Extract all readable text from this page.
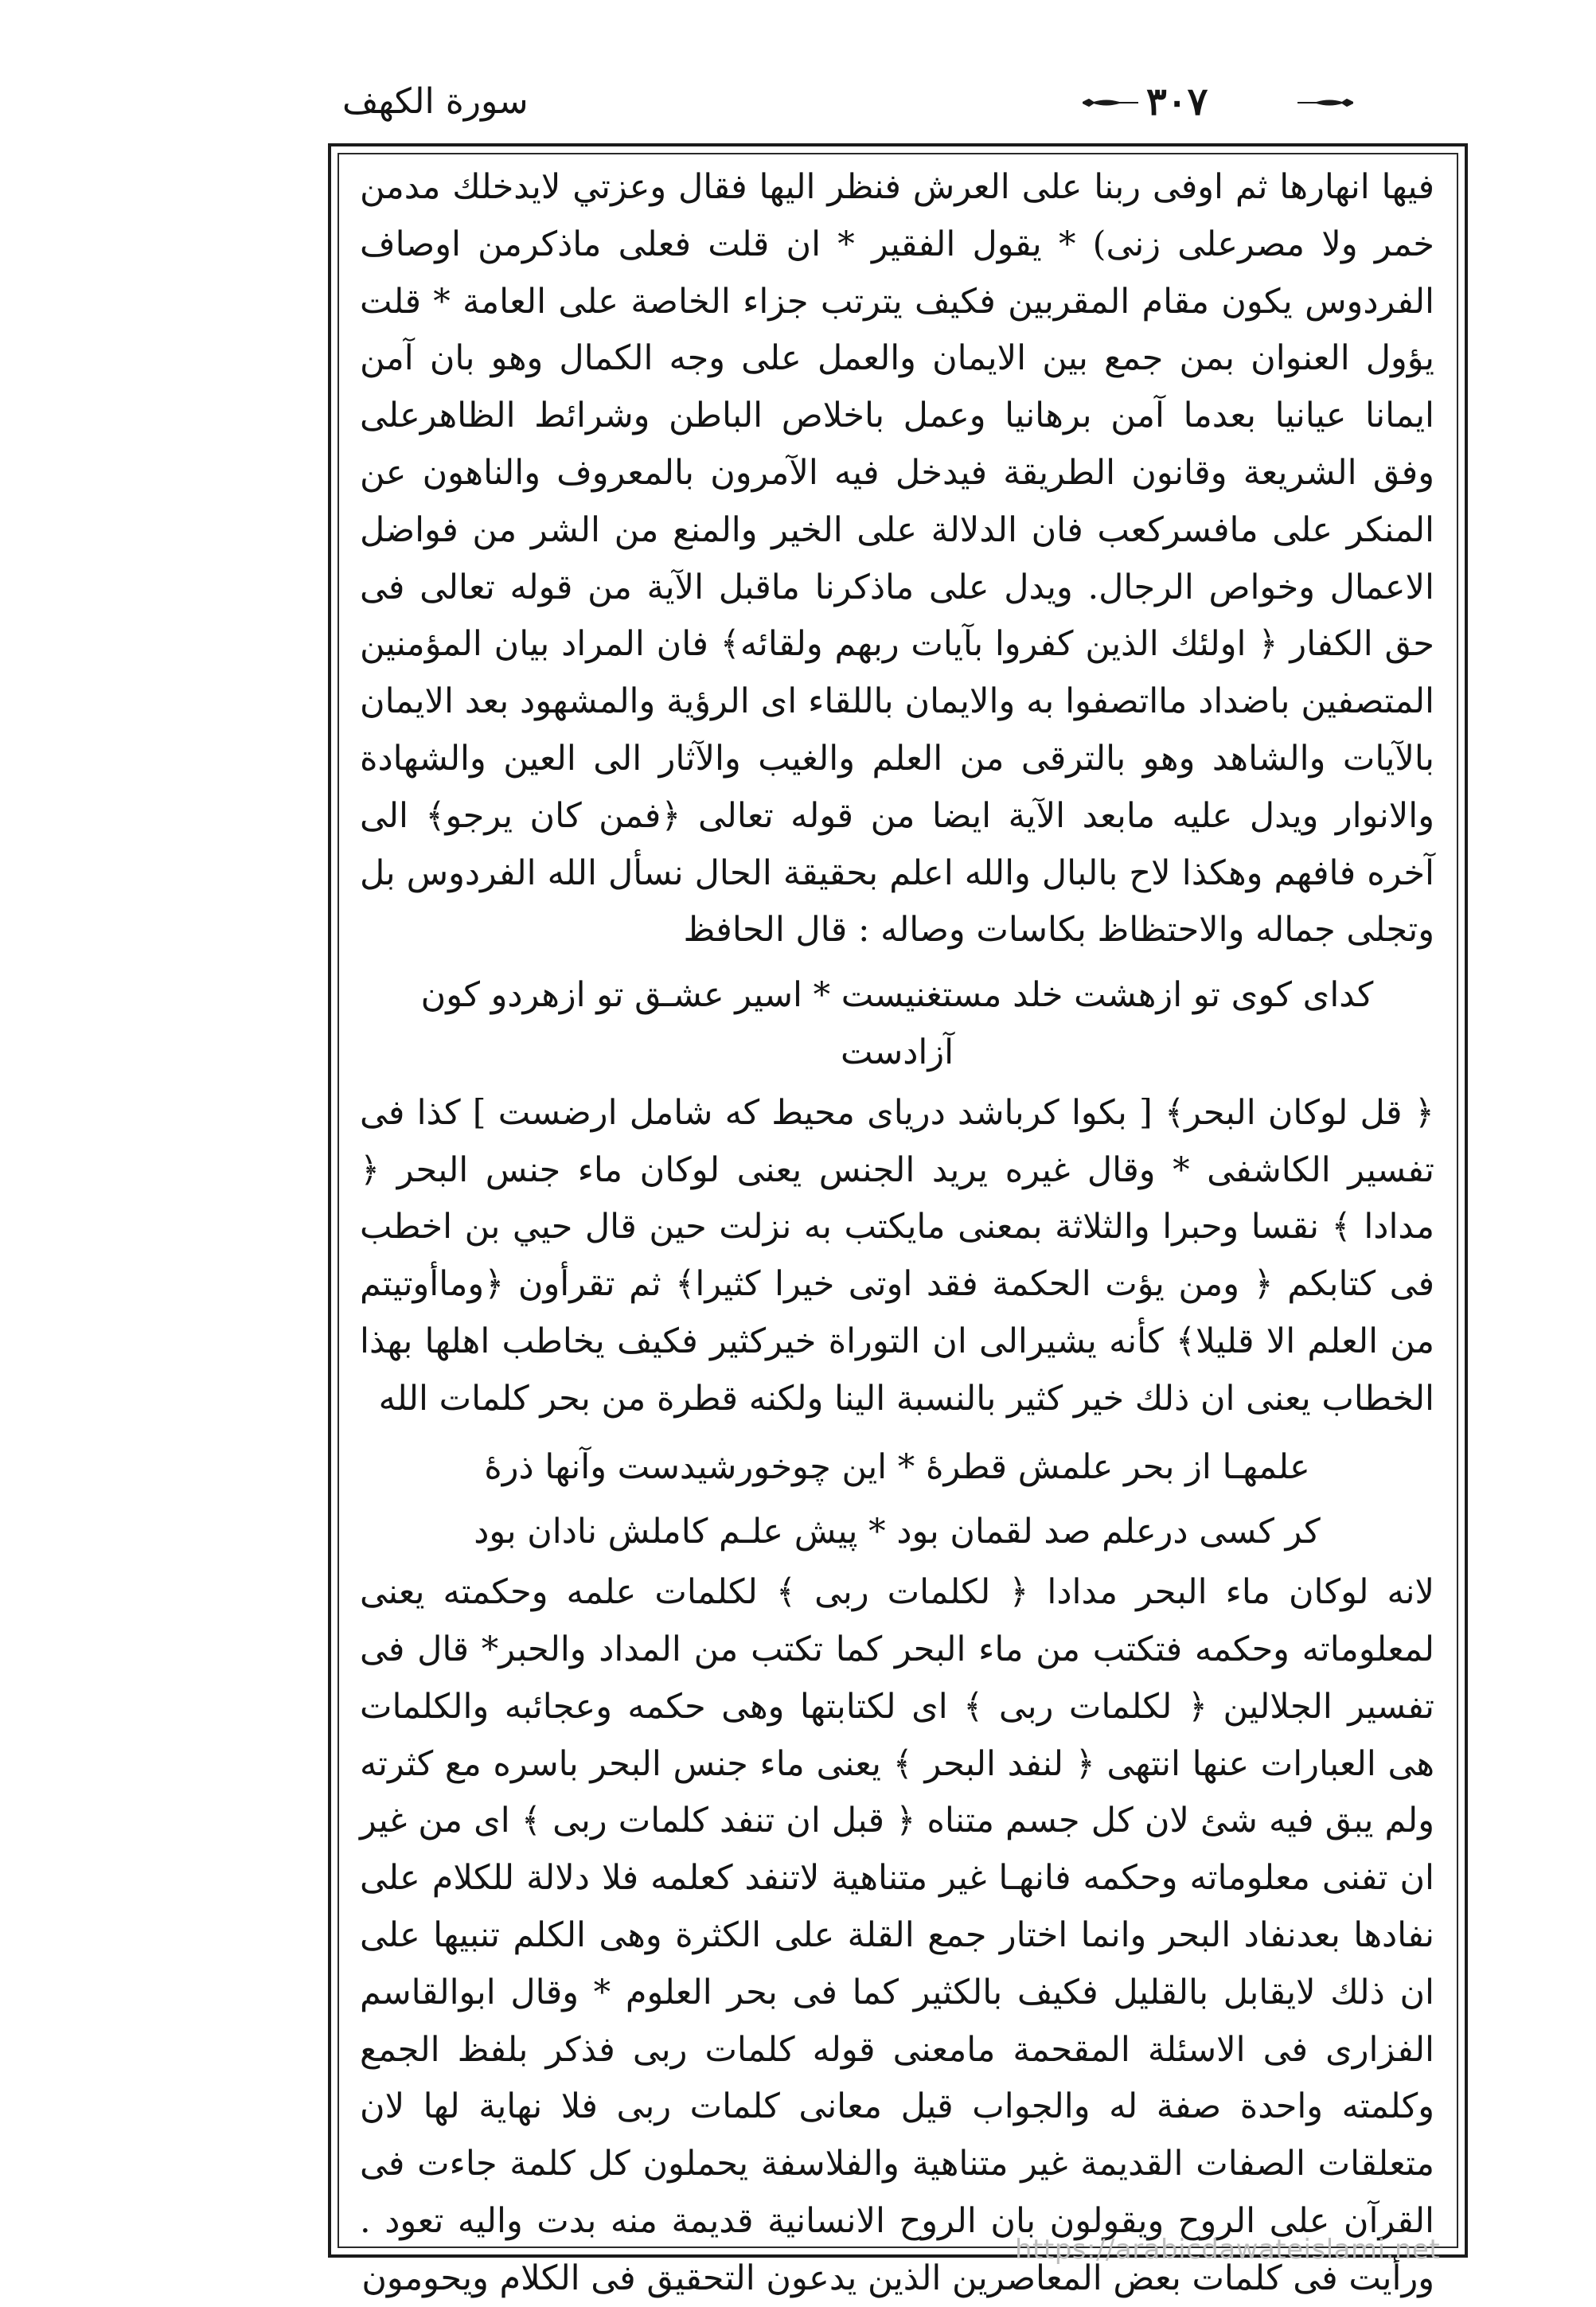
سورة الكهف	٣٠٧

فيها انهارها ثم اوفى ربنا على العرش فنظر اليها فقال وعزتي لايدخلك مدمن خمر ولا مصرعلى زنى) * يقول الفقير * ان قلت فعلى ماذكرمن اوصاف الفردوس يكون مقام المقربين فكيف يترتب جزاء الخاصة على العامة * قلت يؤول العنوان بمن جمع بين الايمان والعمل على وجه الكمال وهو بان آمن ايمانا عيانيا بعدما آمن برهانيا وعمل باخلاص الباطن وشرائط الظاهرعلى وفق الشريعة وقانون الطريقة فيدخل فيه الآمرون بالمعروف والناهون عن المنكر على مافسركعب فان الدلالة على الخير والمنع من الشر من فواضل الاعمال وخواص الرجال. ويدل على ماذكرنا ماقبل الآية من قوله تعالى فى حق الكفار ﴿ اولئك الذين كفروا بآيات ربهم ولقائه﴾ فان المراد بيان المؤمنين المتصفين باضداد مااتصفوا به والايمان باللقاء اى الرؤية والمشهود بعد الايمان بالآيات والشاهد وهو بالترقى من العلم والغيب والآثار الى العين والشهادة والانوار ويدل عليه مابعد الآية ايضا من قوله تعالى ﴿فمن كان يرجو﴾ الى آخره فافهم وهكذا لاح بالبال والله اعلم بحقيقة الحال نسأل الله الفردوس بل وتجلى جماله والاحتظاظ بكاسات وصاله : قال الحافظ

كداى كوى تو ازهشت خلد مستغنيست * اسير عشـق تو ازهردو كون آزادست

﴿ قل لوكان البحر﴾ [ بكوا كرباشد درياى محيط كه شامل ارضست ] كذا فى تفسير الكاشفى * وقال غيره يريد الجنس يعنى لوكان ماء جنس البحر ﴿ مدادا ﴾ نقسا وحبرا والثلاثة بمعنى مايكتب به نزلت حين قال حيي بن اخطب فى كتابكم ﴿ ومن يؤت الحكمة فقد اوتى خيرا كثيرا﴾ ثم تقرأون ﴿وماأوتيتم من العلم الا قليلا﴾ كأنه يشيرالى ان التوراة خيركثير فكيف يخاطب اهلها بهذا الخطاب يعنى ان ذلك خير كثير بالنسبة الينا ولكنه قطرة من بحر كلمات الله

علمهـا از بحر علمش قطرهٔ * اين چوخورشيدست وآنها ذرهٔ

كر كسى درعلم صد لقمان بود * پيش علـم كاملش نادان بود

لانه لوكان ماء البحر مدادا ﴿ لكلمات ربى ﴾ لكلمات علمه وحكمته يعنى لمعلوماته وحكمه فتكتب من ماء البحر كما تكتب من المداد والحبر* قال فى تفسير الجلالين ﴿ لكلمات ربى ﴾ اى لكتابتها وهى حكمه وعجائبه والكلمات هى العبارات عنها انتهى ﴿ لنفد البحر ﴾ يعنى ماء جنس البحر باسره مع كثرته ولم يبق فيه شئ لان كل جسم متناه ﴿ قبل ان تنفد كلمات ربى ﴾ اى من غير ان تفنى معلوماته وحكمه فانهـا غير متناهية لاتنفد كعلمه فلا دلالة للكلام على نفادها بعدنفاد البحر وانما اختار جمع القلة على الكثرة وهى الكلم تنبيها على ان ذلك لايقابل بالقليل فكيف بالكثير كما فى بحر العلوم * وقال ابوالقاسم الفزارى فى الاسئلة المقحمة مامعنى قوله كلمات ربى فذكر بلفظ الجمع وكلمته واحدة صفة له والجواب قيل معانى كلمات ربى فلا نهاية لها لان متعلقات الصفات القديمة غير متناهية والفلاسفة يحملون كل كلمة جاءت فى القرآن على الروح ويقولون بان الروح الانسانية قديمة منه بدت واليه تعود . ورأيت فى كلمات بعض المعاصرين الذين يدعون التحقيق فى الكلام ويحومون

https://arabicdawateislami.net
